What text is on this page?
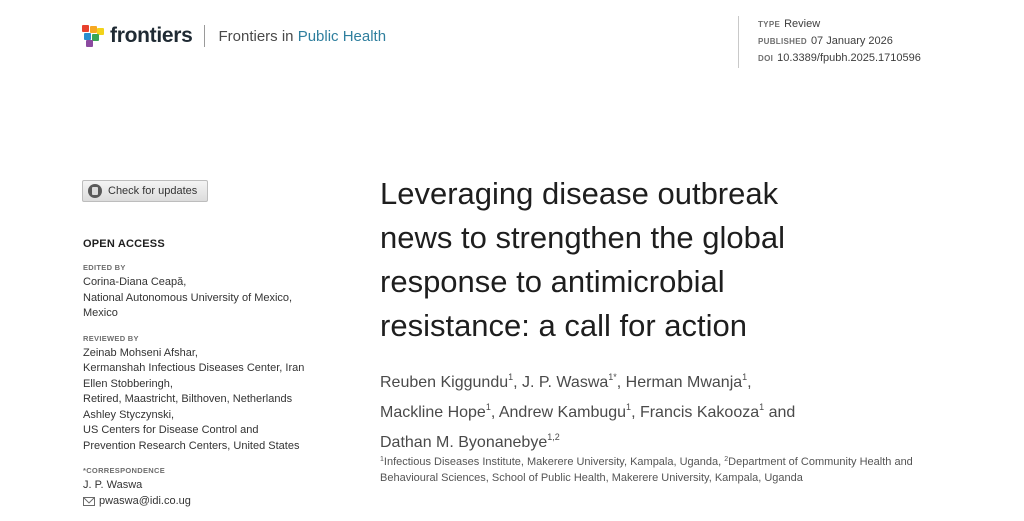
frontiers Frontiers in Public Health
TYPE Review
PUBLISHED 07 January 2026
DOI 10.3389/fpubh.2025.1710596
Check for updates
OPEN ACCESS
EDITED BY
Corina-Diana Ceapă,
National Autonomous University of Mexico,
Mexico
REVIEWED BY
Zeinab Mohseni Afshar,
Kermanshah Infectious Diseases Center, Iran
Ellen Stobberingh,
Retired, Maastricht, Bilthoven, Netherlands
Ashley Styczynski,
US Centers for Disease Control and
Prevention Research Centers, United States
*CORRESPONDENCE
J. P. Waswa
pwaswa@idi.co.ug
Leveraging disease outbreak
news to strengthen the global
response to antimicrobial
resistance: a call for action
Reuben Kiggundu$^1$, J. P. Waswa$^{1*}$, Herman Mwanja$^1$,
Mackline Hope$^1$, Andrew Kambugu$^1$, Francis Kakooza$^1$ and
Dathan M. Byonanebye$^{1,2}$
$^1$Infectious Diseases Institute, Makerere University, Kampala, Uganda, $^2$Department of Community Health and Behavioural Sciences, School of Public Health, Makerere University, Kampala, Uganda
